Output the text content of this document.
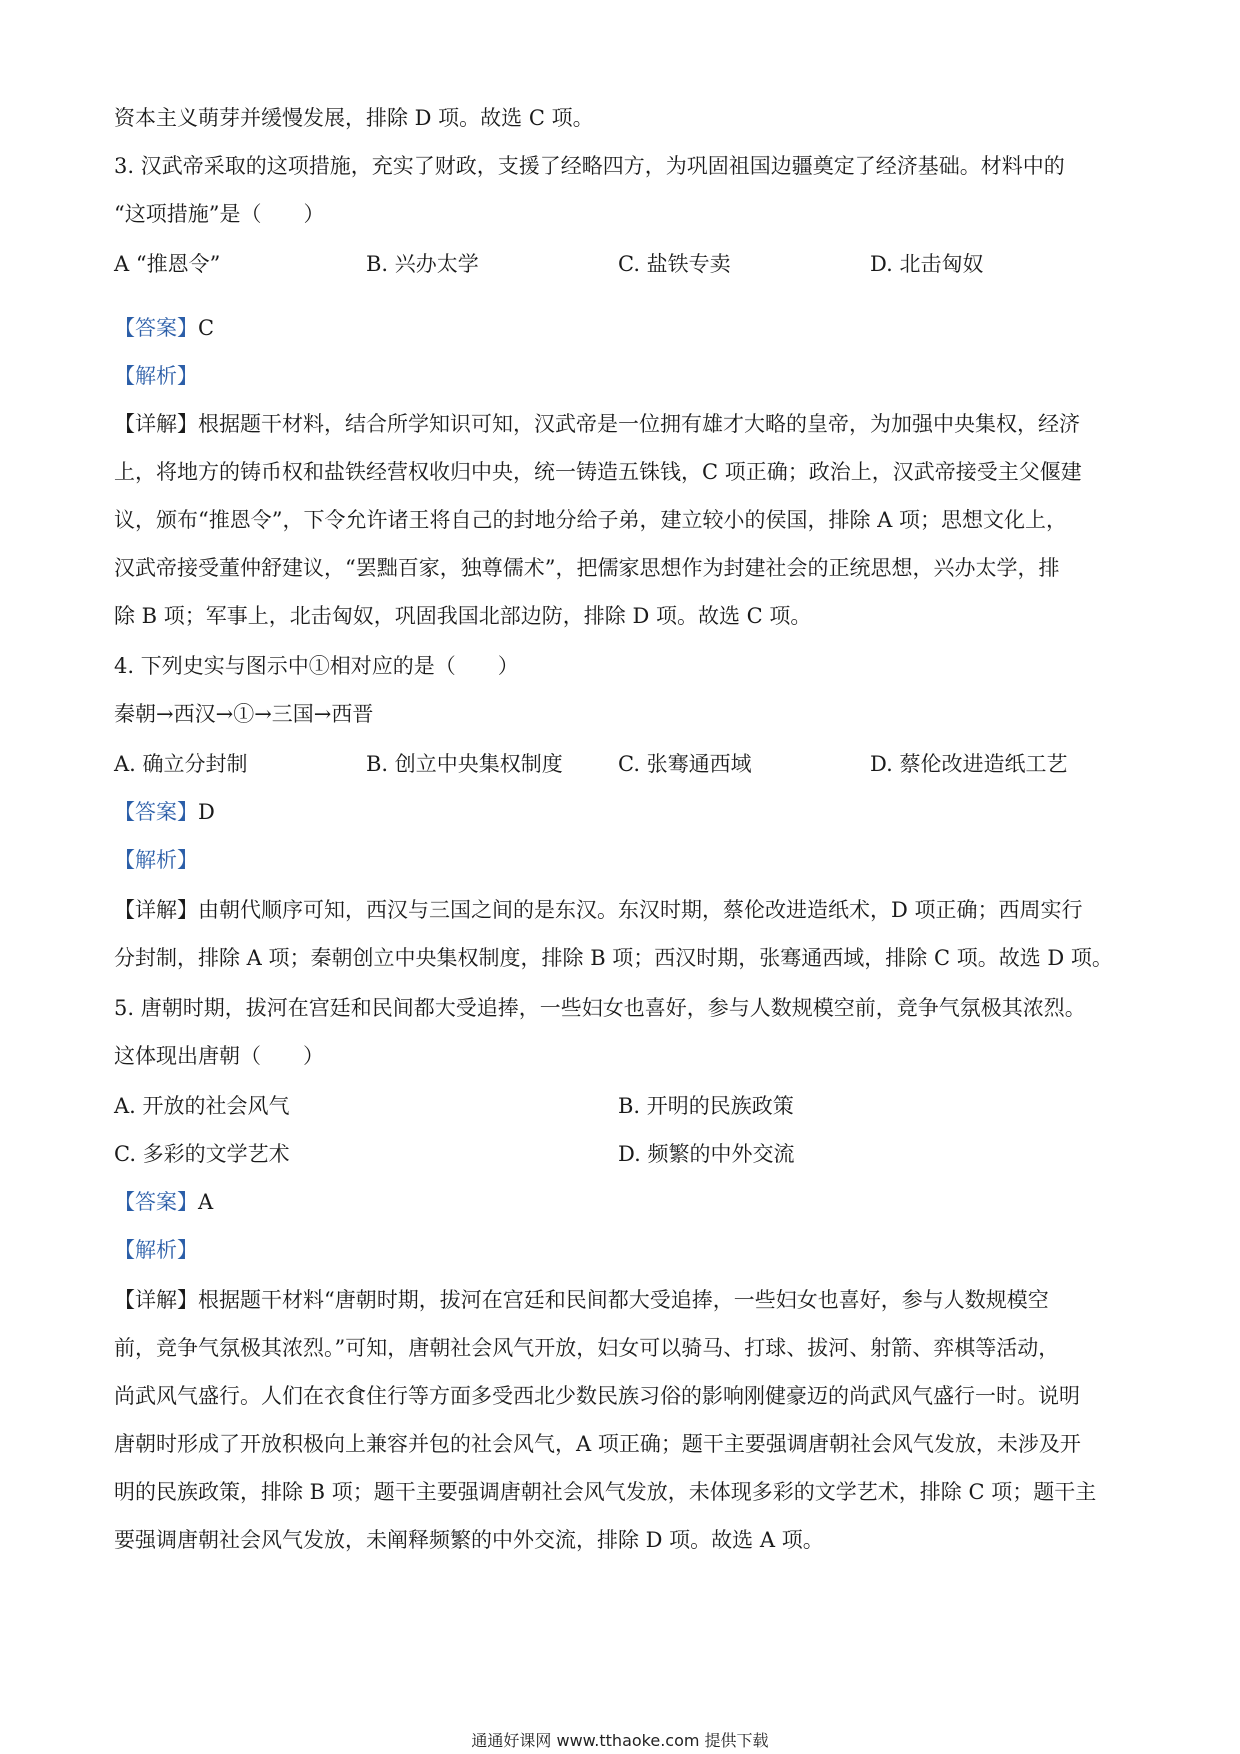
资本主义萌芽并缓慢发展，排除 D 项。故选 C 项。
3. 汉武帝采取的这项措施，充实了财政，支援了经略四方，为巩固祖国边疆奠定了经济基础。材料中的
“这项措施”是（　　）
A “推恩令”	B. 兴办太学	C. 盐铁专卖	D. 北击匈奴
【答案】C
【解析】
【详解】根据题干材料，结合所学知识可知，汉武帝是一位拥有雄才大略的皇帝，为加强中央集权，经济
上，将地方的铸币权和盐铁经营权收归中央，统一铸造五铢钱，C 项正确；政治上，汉武帝接受主父偃建
议，颁布“推恩令”，下令允许诸王将自己的封地分给子弟，建立较小的侯国，排除 A 项；思想文化上，
汉武帝接受董仲舒建议，“罢黜百家，独尊儒术”，把儒家思想作为封建社会的正统思想，兴办太学，排
除 B 项；军事上，北击匈奴，巩固我国北部边防，排除 D 项。故选 C 项。
4. 下列史实与图示中①相对应的是（　　）
秦朝→西汉→①→三国→西晋
A. 确立分封制	B. 创立中央集权制度	C. 张骞通西域	D. 蔡伦改进造纸工艺
【答案】D
【解析】
【详解】由朝代顺序可知，西汉与三国之间的是东汉。东汉时期，蔡伦改进造纸术，D 项正确；西周实行
分封制，排除 A 项；秦朝创立中央集权制度，排除 B 项；西汉时期，张骞通西域，排除 C 项。故选 D 项。
5. 唐朝时期，拔河在宫廷和民间都大受追捧，一些妇女也喜好，参与人数规模空前，竞争气氛极其浓烈。
这体现出唐朝（　　）
A. 开放的社会风气	B. 开明的民族政策
C. 多彩的文学艺术	D. 频繁的中外交流
【答案】A
【解析】
【详解】根据题干材料“唐朝时期，拔河在宫廷和民间都大受追捧，一些妇女也喜好，参与人数规模空
前，竞争气氛极其浓烈。”可知，唐朝社会风气开放，妇女可以骑马、打球、拔河、射箭、弈棋等活动，
尚武风气盛行。人们在衣食住行等方面多受西北少数民族习俗的影响刚健豪迈的尚武风气盛行一时。说明
唐朝时形成了开放积极向上兼容并包的社会风气，A 项正确；题干主要强调唐朝社会风气发放，未涉及开
明的民族政策，排除 B 项；题干主要强调唐朝社会风气发放，未体现多彩的文学艺术，排除 C 项；题干主
要强调唐朝社会风气发放，未阐释频繁的中外交流，排除 D 项。故选 A 项。
通通好课网 www.tthaoke.com 提供下载
